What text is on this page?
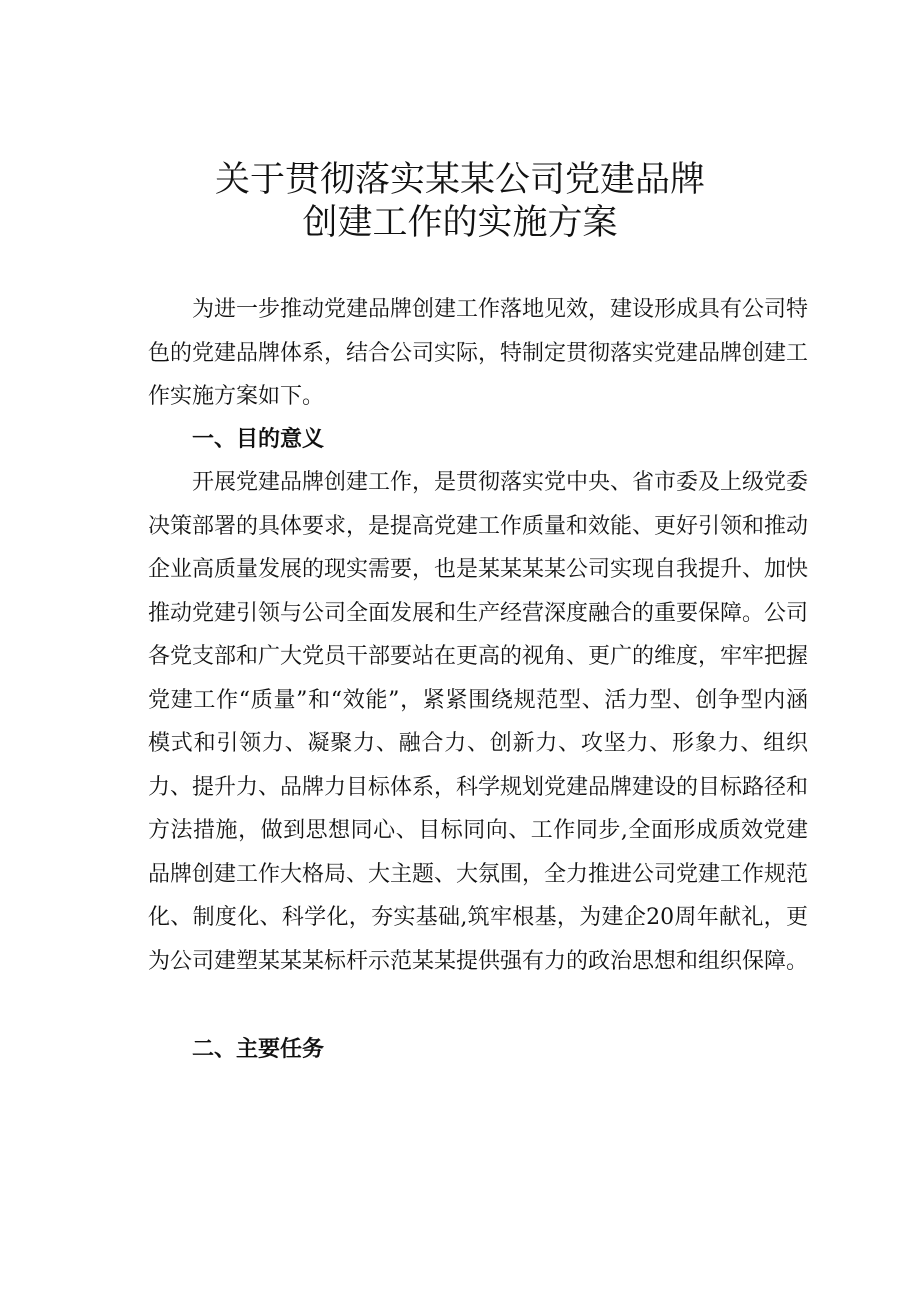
关于贯彻落实某某公司党建品牌
创建工作的实施方案

为进一步推动党建品牌创建工作落地见效，建设形成具有公司特色的党建品牌体系，结合公司实际，特制定贯彻落实党建品牌创建工作实施方案如下。

一、目的意义

开展党建品牌创建工作，是贯彻落实党中央、省市委及上级党委决策部署的具体要求，是提高党建工作质量和效能、更好引领和推动企业高质量发展的现实需要，也是某某某某公司实现自我提升、加快推动党建引领与公司全面发展和生产经营深度融合的重要保障。公司各党支部和广大党员干部要站在更高的视角、更广的维度，牢牢把握党建工作“质量”和“效能”，紧紧围绕规范型、活力型、创争型内涵模式和引领力、凝聚力、融合力、创新力、攻坚力、形象力、组织力、提升力、品牌力目标体系，科学规划党建品牌建设的目标路径和方法措施，做到思想同心、目标同向、工作同步,全面形成质效党建品牌创建工作大格局、大主题、大氛围，全力推进公司党建工作规范化、制度化、科学化，夯实基础,筑牢根基，为建企20周年献礼，更为公司建塑某某某标杆示范某某提供强有力的政治思想和组织保障。

二、主要任务
